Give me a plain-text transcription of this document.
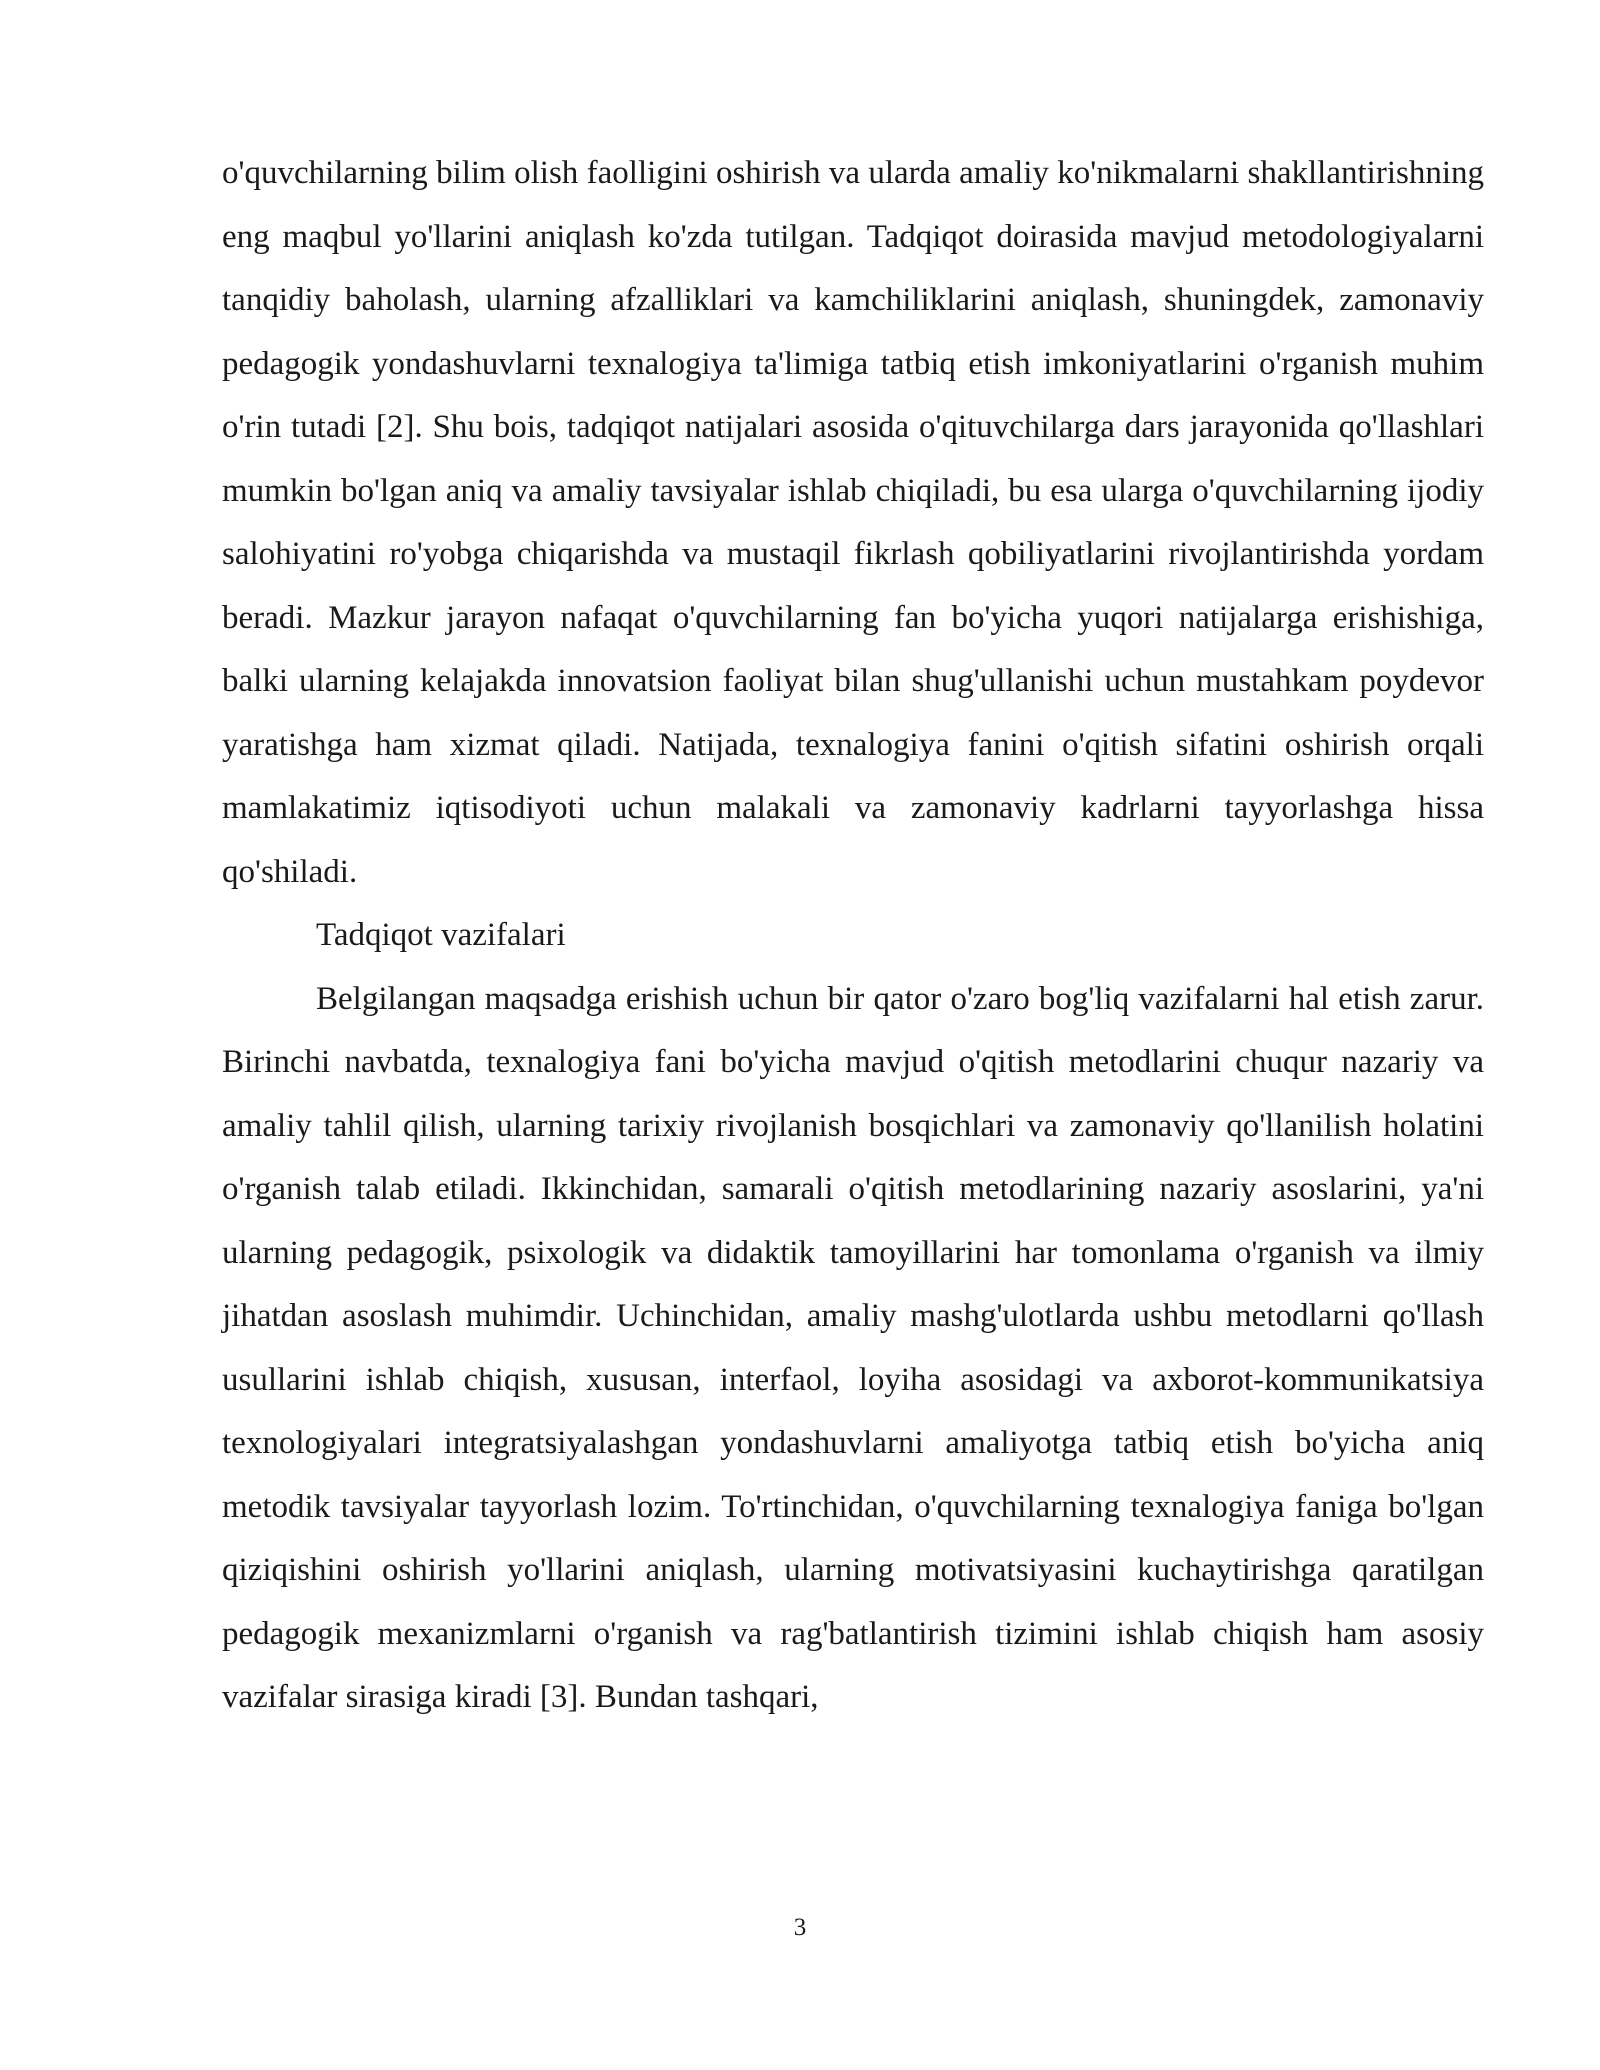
o'quvchilarning bilim olish faolligini oshirish va ularda amaliy ko'nikmalarni shakllantirishning eng maqbul yo'llarini aniqlash ko'zda tutilgan. Tadqiqot doirasida mavjud metodologiyalarni tanqidiy baholash, ularning afzalliklari va kamchiliklarini aniqlash, shuningdek, zamonaviy pedagogik yondashuvlarni texnalogiya ta'limiga tatbiq etish imkoniyatlarini o'rganish muhim o'rin tutadi [2]. Shu bois, tadqiqot natijalari asosida o'qituvchilarga dars jarayonida qo'llashlari mumkin bo'lgan aniq va amaliy tavsiyalar ishlab chiqiladi, bu esa ularga o'quvchilarning ijodiy salohiyatini ro'yobga chiqarishda va mustaqil fikrlash qobiliyatlarini rivojlantirishda yordam beradi. Mazkur jarayon nafaqat o'quvchilarning fan bo'yicha yuqori natijalarga erishishiga, balki ularning kelajakda innovatsion faoliyat bilan shug'ullanishi uchun mustahkam poydevor yaratishga ham xizmat qiladi. Natijada, texnalogiya fanini o'qitish sifatini oshirish orqali mamlakatimiz iqtisodiyoti uchun malakali va zamonaviy kadrlarni tayyorlashga hissa qo'shiladi.

Tadqiqot vazifalari

Belgilangan maqsadga erishish uchun bir qator o'zaro bog'liq vazifalarni hal etish zarur. Birinchi navbatda, texnalogiya fani bo'yicha mavjud o'qitish metodlarini chuqur nazariy va amaliy tahlil qilish, ularning tarixiy rivojlanish bosqichlari va zamonaviy qo'llanilish holatini o'rganish talab etiladi. Ikkinchidan, samarali o'qitish metodlarining nazariy asoslarini, ya'ni ularning pedagogik, psixologik va didaktik tamoyillarini har tomonlama o'rganish va ilmiy jihatdan asoslash muhimdir. Uchinchidan, amaliy mashg'ulotlarda ushbu metodlarni qo'llash usullarini ishlab chiqish, xususan, interfaol, loyiha asosidagi va axborot-kommunikatsiya texnologiyalari integratsiyalashgan yondashuvlarni amaliyotga tatbiq etish bo'yicha aniq metodik tavsiyalar tayyorlash lozim. To'rtinchidan, o'quvchilarning texnalogiya faniga bo'lgan qiziqishini oshirish yo'llarini aniqlash, ularning motivatsiyasini kuchaytirishga qaratilgan pedagogik mexanizmlarni o'rganish va rag'batlantirish tizimini ishlab chiqish ham asosiy vazifalar sirasiga kiradi [3]. Bundan tashqari,

3
